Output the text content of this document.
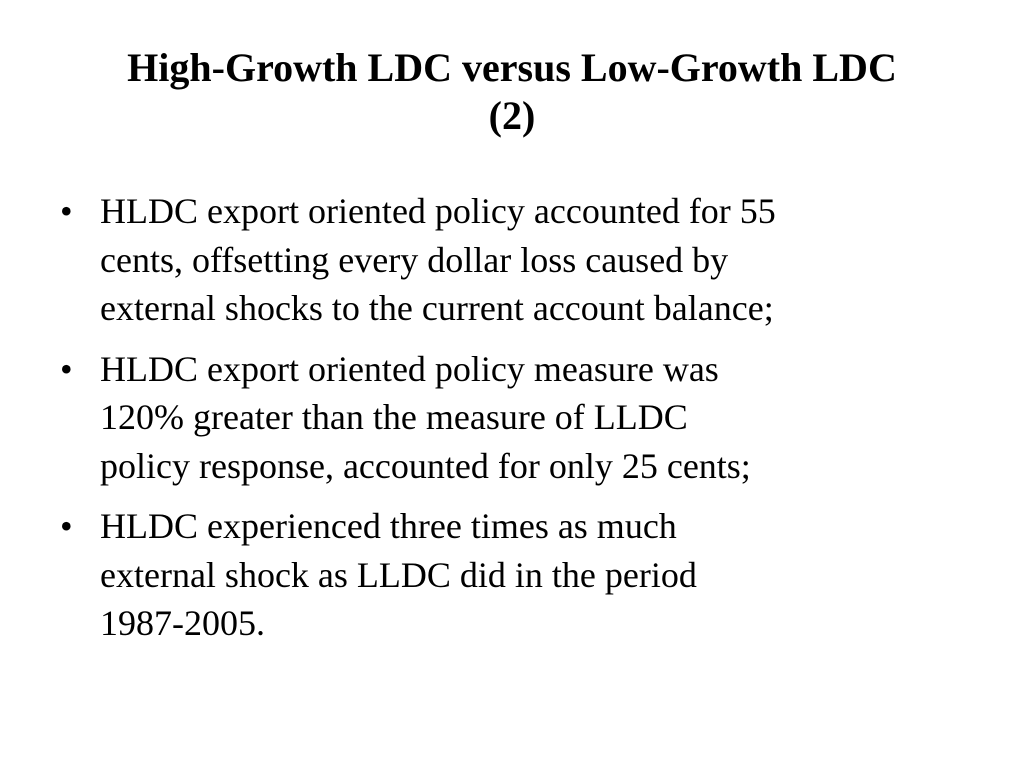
High-Growth LDC versus Low-Growth LDC
(2)
• HLDC export oriented policy accounted for 55
cents, offsetting every dollar loss caused by
external shocks to the current account balance;
• HLDC export oriented policy measure was
120% greater than the measure of LLDC
policy response, accounted for only 25 cents;
• HLDC experienced three times as much
external shock as LLDC did in the period
1987-2005.
